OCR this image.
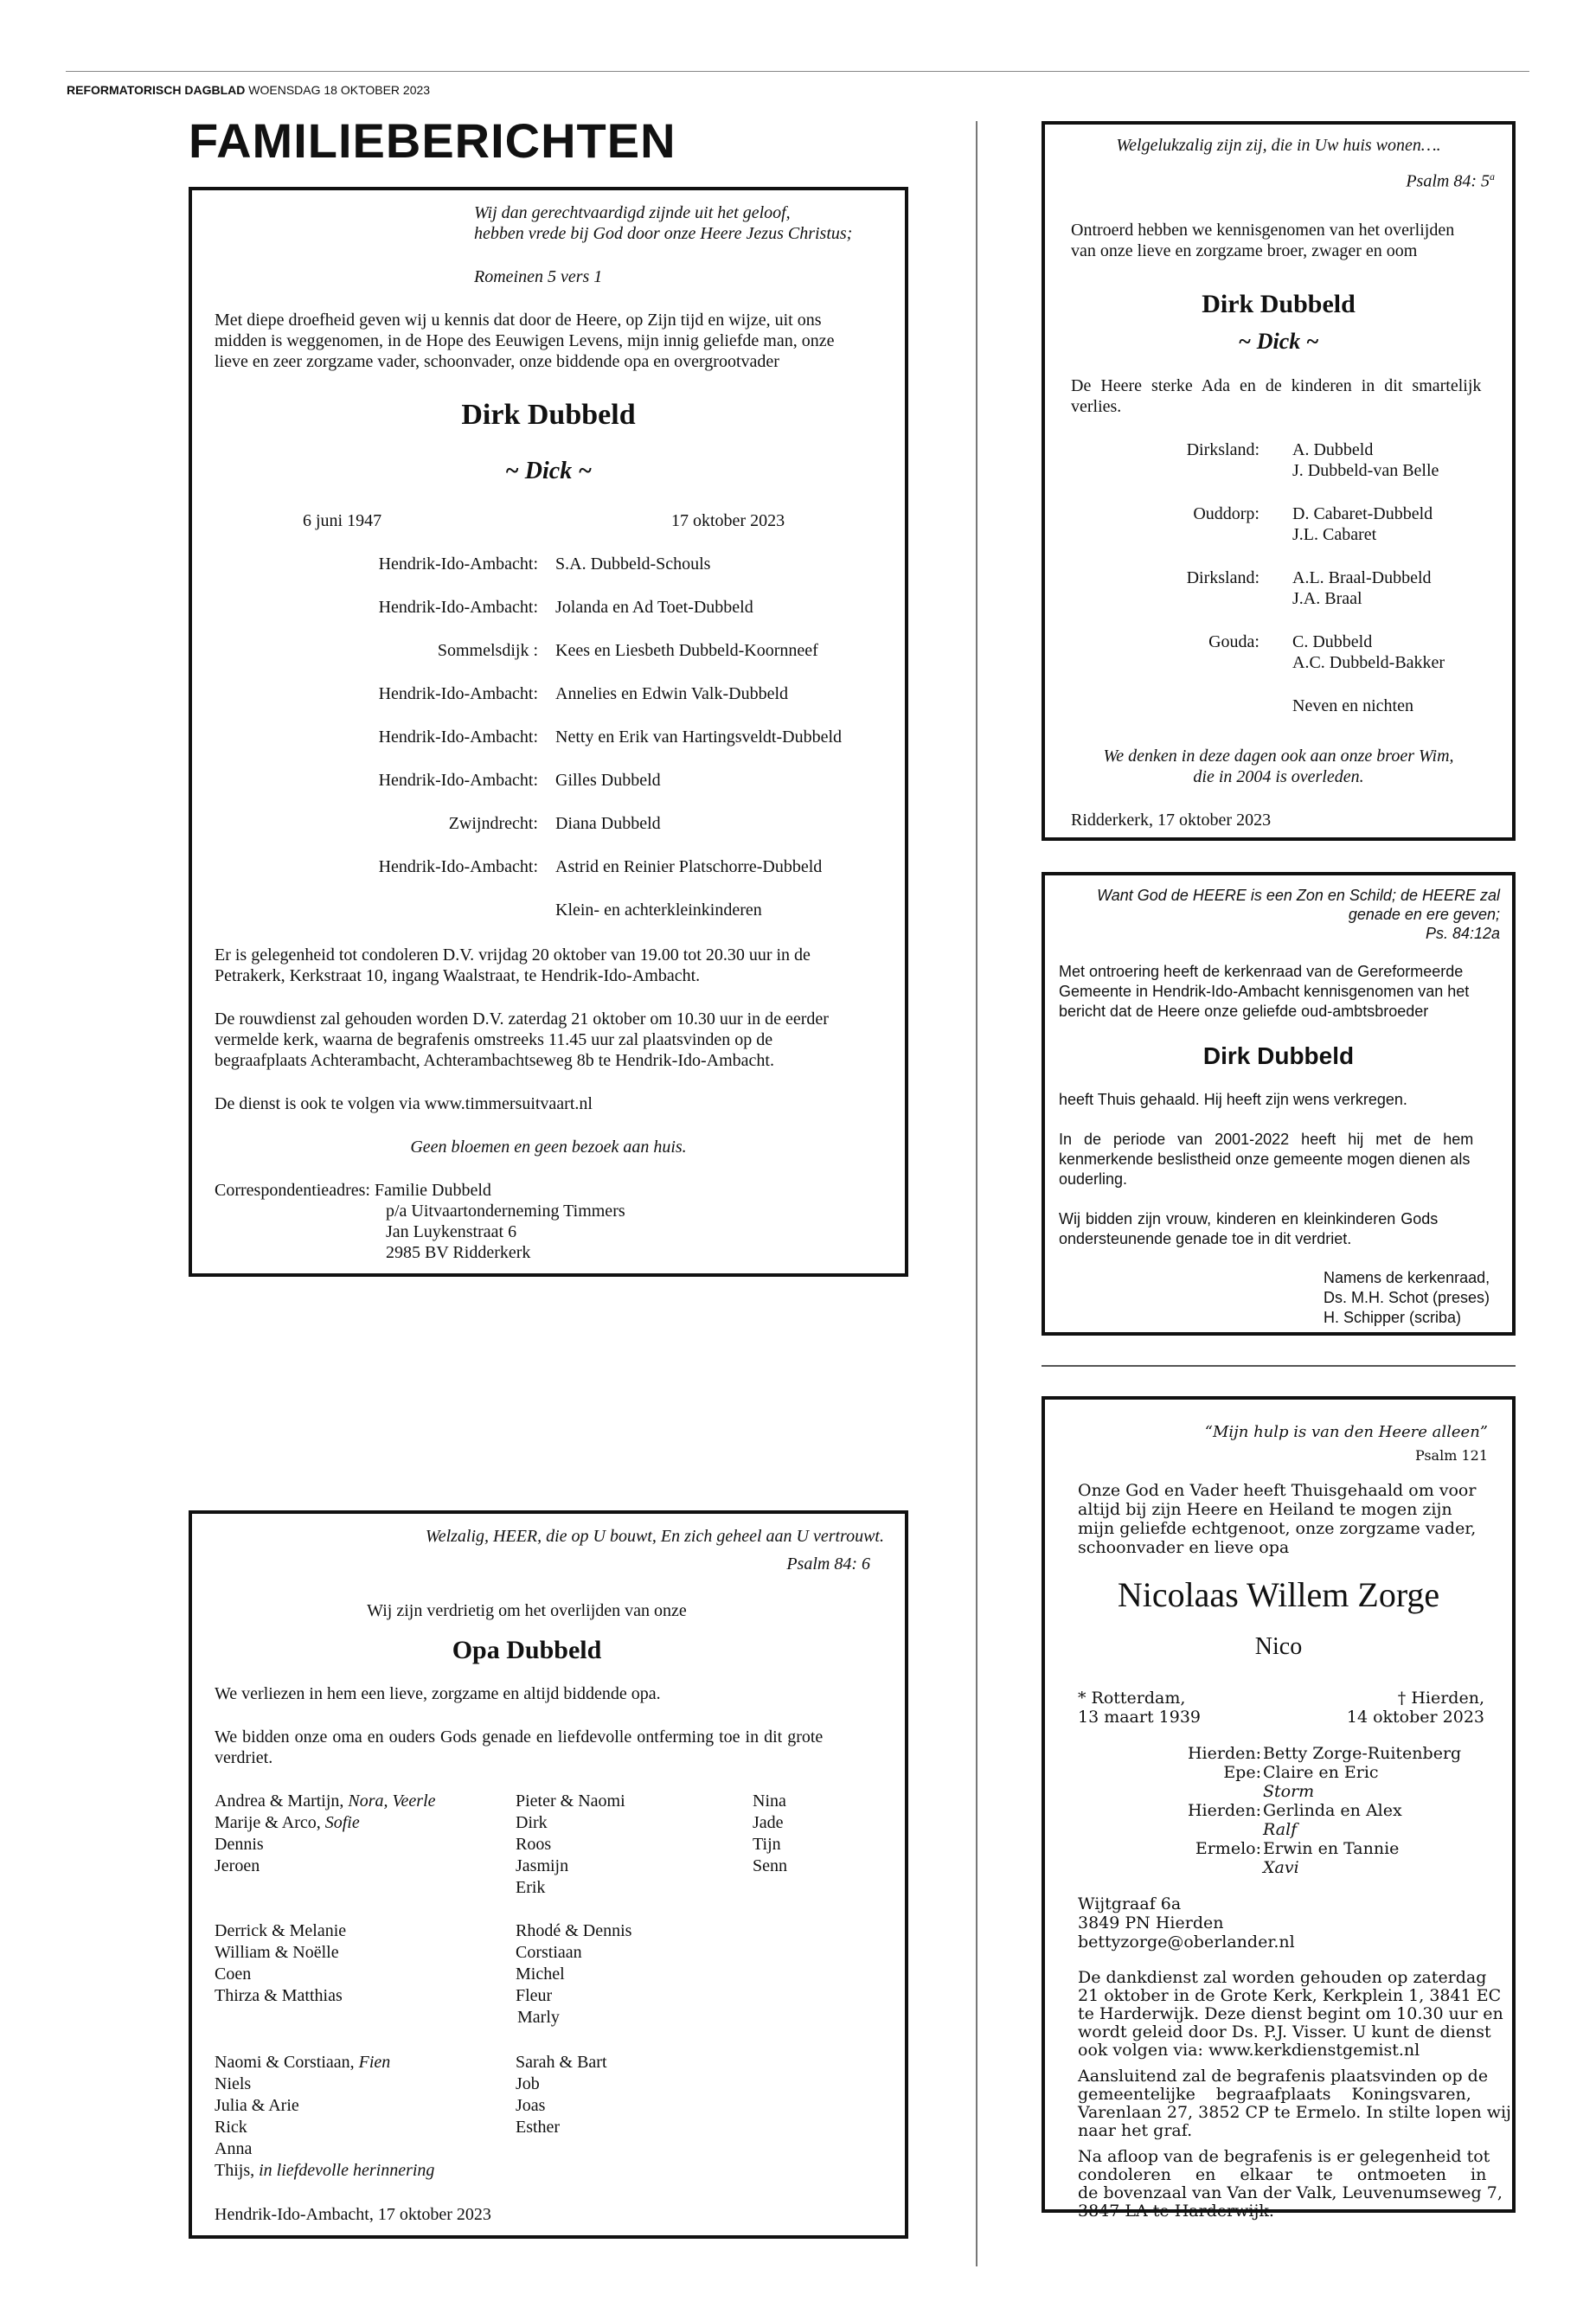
REFORMATORISCH DAGBLAD WOENSDAG 18 OKTOBER 2023
FAMILIEBERICHTEN
Wij dan gerechtvaardigd zijnde uit het geloof,
hebben vrede bij God door onze Heere Jezus Christus;
Romeinen 5 vers 1
Met diepe droefheid geven wij u kennis dat door de Heere, op Zijn tijd en wijze, uit ons
midden is weggenomen, in de Hope des Eeuwigen Levens, mijn innig geliefde man, onze
lieve en zeer zorgzame vader, schoonvader, onze biddende opa en overgrootvader
Dirk Dubbeld
~ Dick ~
6 juni 1947	17 oktober 2023
Hendrik-Ido-Ambacht: S.A. Dubbeld-Schouls
Hendrik-Ido-Ambacht: Jolanda en Ad Toet-Dubbeld
Sommelsdijk : Kees en Liesbeth Dubbeld-Koornneef
Hendrik-Ido-Ambacht: Annelies en Edwin Valk-Dubbeld
Hendrik-Ido-Ambacht: Netty en Erik van Hartingsveldt-Dubbeld
Hendrik-Ido-Ambacht: Gilles Dubbeld
Zwijndrecht: Diana Dubbeld
Hendrik-Ido-Ambacht: Astrid en Reinier Platschorre-Dubbeld
Klein- en achterkleinkinderen
Er is gelegenheid tot condoleren D.V. vrijdag 20 oktober van 19.00 tot 20.30 uur in de
Petrakerk, Kerkstraat 10, ingang Waalstraat, te Hendrik-Ido-Ambacht.
De rouwdienst zal gehouden worden D.V. zaterdag 21 oktober om 10.30 uur in de eerder
vermelde kerk, waarna de begrafenis omstreeks 11.45 uur zal plaatsvinden op de
begraafplaats Achterambacht, Achterambachtseweg 8b te Hendrik-Ido-Ambacht.
De dienst is ook te volgen via www.timmersuitvaart.nl
Geen bloemen en geen bezoek aan huis.
Correspondentieadres: Familie Dubbeld
p/a Uitvaartonderneming Timmers
Jan Luykenstraat 6
2985 BV Ridderkerk
Welgelukzalig zijn zij, die in Uw huis wonen….
Psalm 84: 5$^a$
Ontroerd hebben we kennisgenomen van het overlijden
van onze lieve en zorgzame broer, zwager en oom
Dirk Dubbeld
~ Dick ~
De Heere sterke Ada en de kinderen in dit smartelijk
verlies.
Dirksland: A. Dubbeld
J. Dubbeld-van Belle
Ouddorp: D. Cabaret-Dubbeld
J.L. Cabaret
Dirksland: A.L. Braal-Dubbeld
J.A. Braal
Gouda: C. Dubbeld
A.C. Dubbeld-Bakker
Neven en nichten
We denken in deze dagen ook aan onze broer Wim,
die in 2004 is overleden.
Ridderkerk, 17 oktober 2023
Want God de HEERE is een Zon en Schild; de HEERE zal
genade en ere geven;
Ps. 84:12a
Met ontroering heeft de kerkenraad van de Gereformeerde
Gemeente in Hendrik-Ido-Ambacht kennisgenomen van het
bericht dat de Heere onze geliefde oud-ambtsbroeder
Dirk Dubbeld
heeft Thuis gehaald. Hij heeft zijn wens verkregen.
In de periode van 2001-2022 heeft hij met de hem
kenmerkende beslistheid onze gemeente mogen dienen als
ouderling.
Wij bidden zijn vrouw, kinderen en kleinkinderen Gods
ondersteunende genade toe in dit verdriet.
Namens de kerkenraad,
Ds. M.H. Schot (preses)
H. Schipper (scriba)
Welzalig, HEER, die op U bouwt, En zich geheel aan U vertrouwt.
Psalm 84: 6
Wij zijn verdrietig om het overlijden van onze
Opa Dubbeld
We verliezen in hem een lieve, zorgzame en altijd biddende opa.
We bidden onze oma en ouders Gods genade en liefdevolle ontferming toe in dit grote
verdriet.
Andrea & Martijn, Nora, Veerle
Marije & Arco, Sofie
Dennis
Jeroen
Pieter & Naomi
Dirk
Roos
Jasmijn
Erik
Nina
Jade
Tijn
Senn
Derrick & Melanie
William & Noëlle
Coen
Thirza & Matthias
Rhodé & Dennis
Corstiaan
Michel
Fleur
Marly
Naomi & Corstiaan, Fien
Niels
Julia & Arie
Rick
Anna
Thijs, in liefdevolle herinnering
Sarah & Bart
Job
Joas
Esther
Hendrik-Ido-Ambacht, 17 oktober 2023
“Mijn hulp is van den Heere alleen”
Psalm 121
Onze God en Vader heeft Thuisgehaald om voor
altijd bij zijn Heere en Heiland te mogen zijn
mijn geliefde echtgenoot, onze zorgzame vader,
schoonvader en lieve opa
Nicolaas Willem Zorge
Nico
* Rotterdam,
13 maart 1939
† Hierden,
14 oktober 2023
Hierden: Betty Zorge-Ruitenberg
Epe: Claire en Eric
Storm
Hierden: Gerlinda en Alex
Ralf
Ermelo: Erwin en Tannie
Xavi
Wijtgraaf 6a
3849 PN Hierden
bettyzorge@oberlander.nl
De dankdienst zal worden gehouden op zaterdag
21 oktober in de Grote Kerk, Kerkplein 1, 3841 EC
te Harderwijk. Deze dienst begint om 10.30 uur en
wordt geleid door Ds. P.J. Visser. U kunt de dienst
ook volgen via: www.kerkdienstgemist.nl
Aansluitend zal de begrafenis plaatsvinden op de
gemeentelijke begraafplaats Koningsvaren,
Varenlaan 27, 3852 CP te Ermelo. In stilte lopen wij
naar het graf.
Na afloop van de begrafenis is er gelegenheid tot
condoleren en elkaar te ontmoeten in
de bovenzaal van Van der Valk, Leuvenumseweg 7,
3847 LA te Harderwijk.
